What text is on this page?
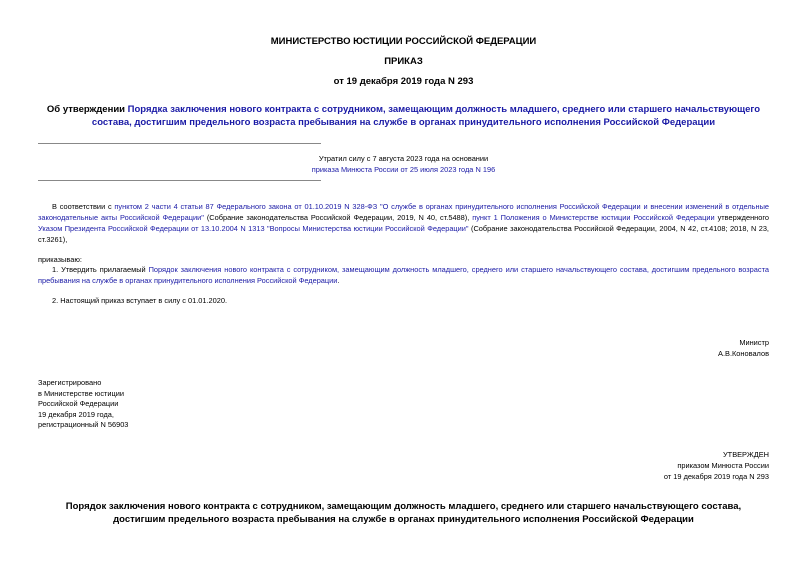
МИНИСТЕРСТВО ЮСТИЦИИ РОССИЙСКОЙ ФЕДЕРАЦИИ
ПРИКАЗ
от 19 декабря 2019 года N 293
Об утверждении Порядка заключения нового контракта с сотрудником, замещающим должность младшего, среднего или старшего начальствующего состава, достигшим предельного возраста пребывания на службе в органах принудительного исполнения Российской Федерации
Утратил силу с 7 августа 2023 года на основании
приказа Минюста России от 25 июля 2023 года N 196
В соответствии с пунктом 2 части 4 статьи 87 Федерального закона от 01.10.2019 N 328-ФЗ "О службе в органах принудительного исполнения Российской Федерации и внесении изменений в отдельные законодательные акты Российской Федерации" (Собрание законодательства Российской Федерации, 2019, N 40, ст.5488), пункт 1 Положения о Министерстве юстиции Российской Федерации утвержденного Указом Президента Российской Федерации от 13.10.2004 N 1313 "Вопросы Министерства юстиции Российской Федерации" (Собрание законодательства Российской Федерации, 2004, N 42, ст.4108; 2018, N 23, ст.3261),
приказываю:
1. Утвердить прилагаемый Порядок заключения нового контракта с сотрудником, замещающим должность младшего, среднего или старшего начальствующего состава, достигшим предельного возраста пребывания на службе в органах принудительного исполнения Российской Федерации.
2. Настоящий приказ вступает в силу с 01.01.2020.
Министр
А.В.Коновалов
Зарегистрировано
в Министерстве юстиции
Российской Федерации
19 декабря 2019 года,
регистрационный N 56903
УТВЕРЖДЕН
приказом Минюста России
от 19 декабря 2019 года N 293
Порядок заключения нового контракта с сотрудником, замещающим должность младшего, среднего или старшего начальствующего состава, достигшим предельного возраста пребывания на службе в органах принудительного исполнения Российской Федерации
